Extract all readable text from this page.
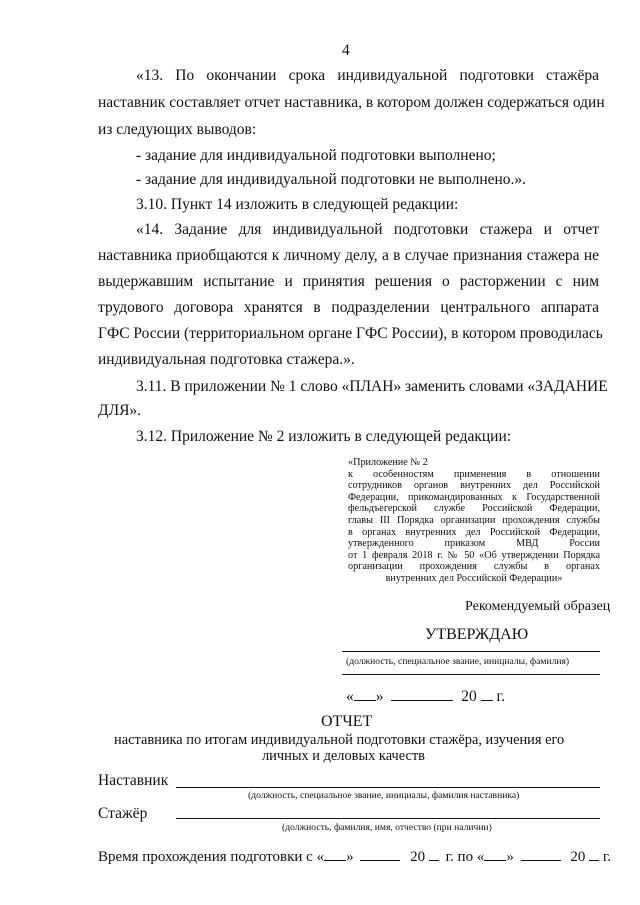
4
«13. По окончании срока индивидуальной подготовки стажёра
наставник составляет отчет наставника, в котором должен содержаться один
из следующих выводов:
- задание для индивидуальной подготовки выполнено;
- задание для индивидуальной подготовки не выполнено.».
3.10. Пункт 14 изложить в следующей редакции:
«14. Задание для индивидуальной подготовки стажера и отчет
наставника приобщаются к личному делу, а в случае признания стажера не
выдержавшим испытание и принятия решения о расторжении с ним
трудового договора хранятся в подразделении центрального аппарата
ГФС России (территориальном органе ГФС России), в котором проводилась
индивидуальная подготовка стажера.».
3.11. В приложении № 1 слово «ПЛАН» заменить словами «ЗАДАНИЕ
ДЛЯ».
3.12. Приложение № 2 изложить в следующей редакции:
«Приложение № 2
к особенностям применения в отношении
сотрудников органов внутренних дел Российской
Федерации, прикомандированных к Государственной
фельдъегерской службе Российской Федерации,
главы III Порядка организации прохождения службы
в органах внутренних дел Российской Федерации,
утвержденного приказом МВД России
от 1 февраля 2018 г. № 50 «Об утверждении Порядка
организации прохождения службы в органах
внутренних дел Российской Федерации»
Рекомендуемый образец
УТВЕРЖДАЮ
(должность, специальное звание, инициалы, фамилия)
« »	20 г.
ОТЧЕТ
наставника по итогам индивидуальной подготовки стажёра, изучения его
личных и деловых качеств
Наставник
(должность, специальное звание, инициалы, фамилия наставника)
Стажёр
(должность, фамилия, имя, отчество (при наличии)
Время прохождения подготовки с « »	20 г. по « »	20 г.
